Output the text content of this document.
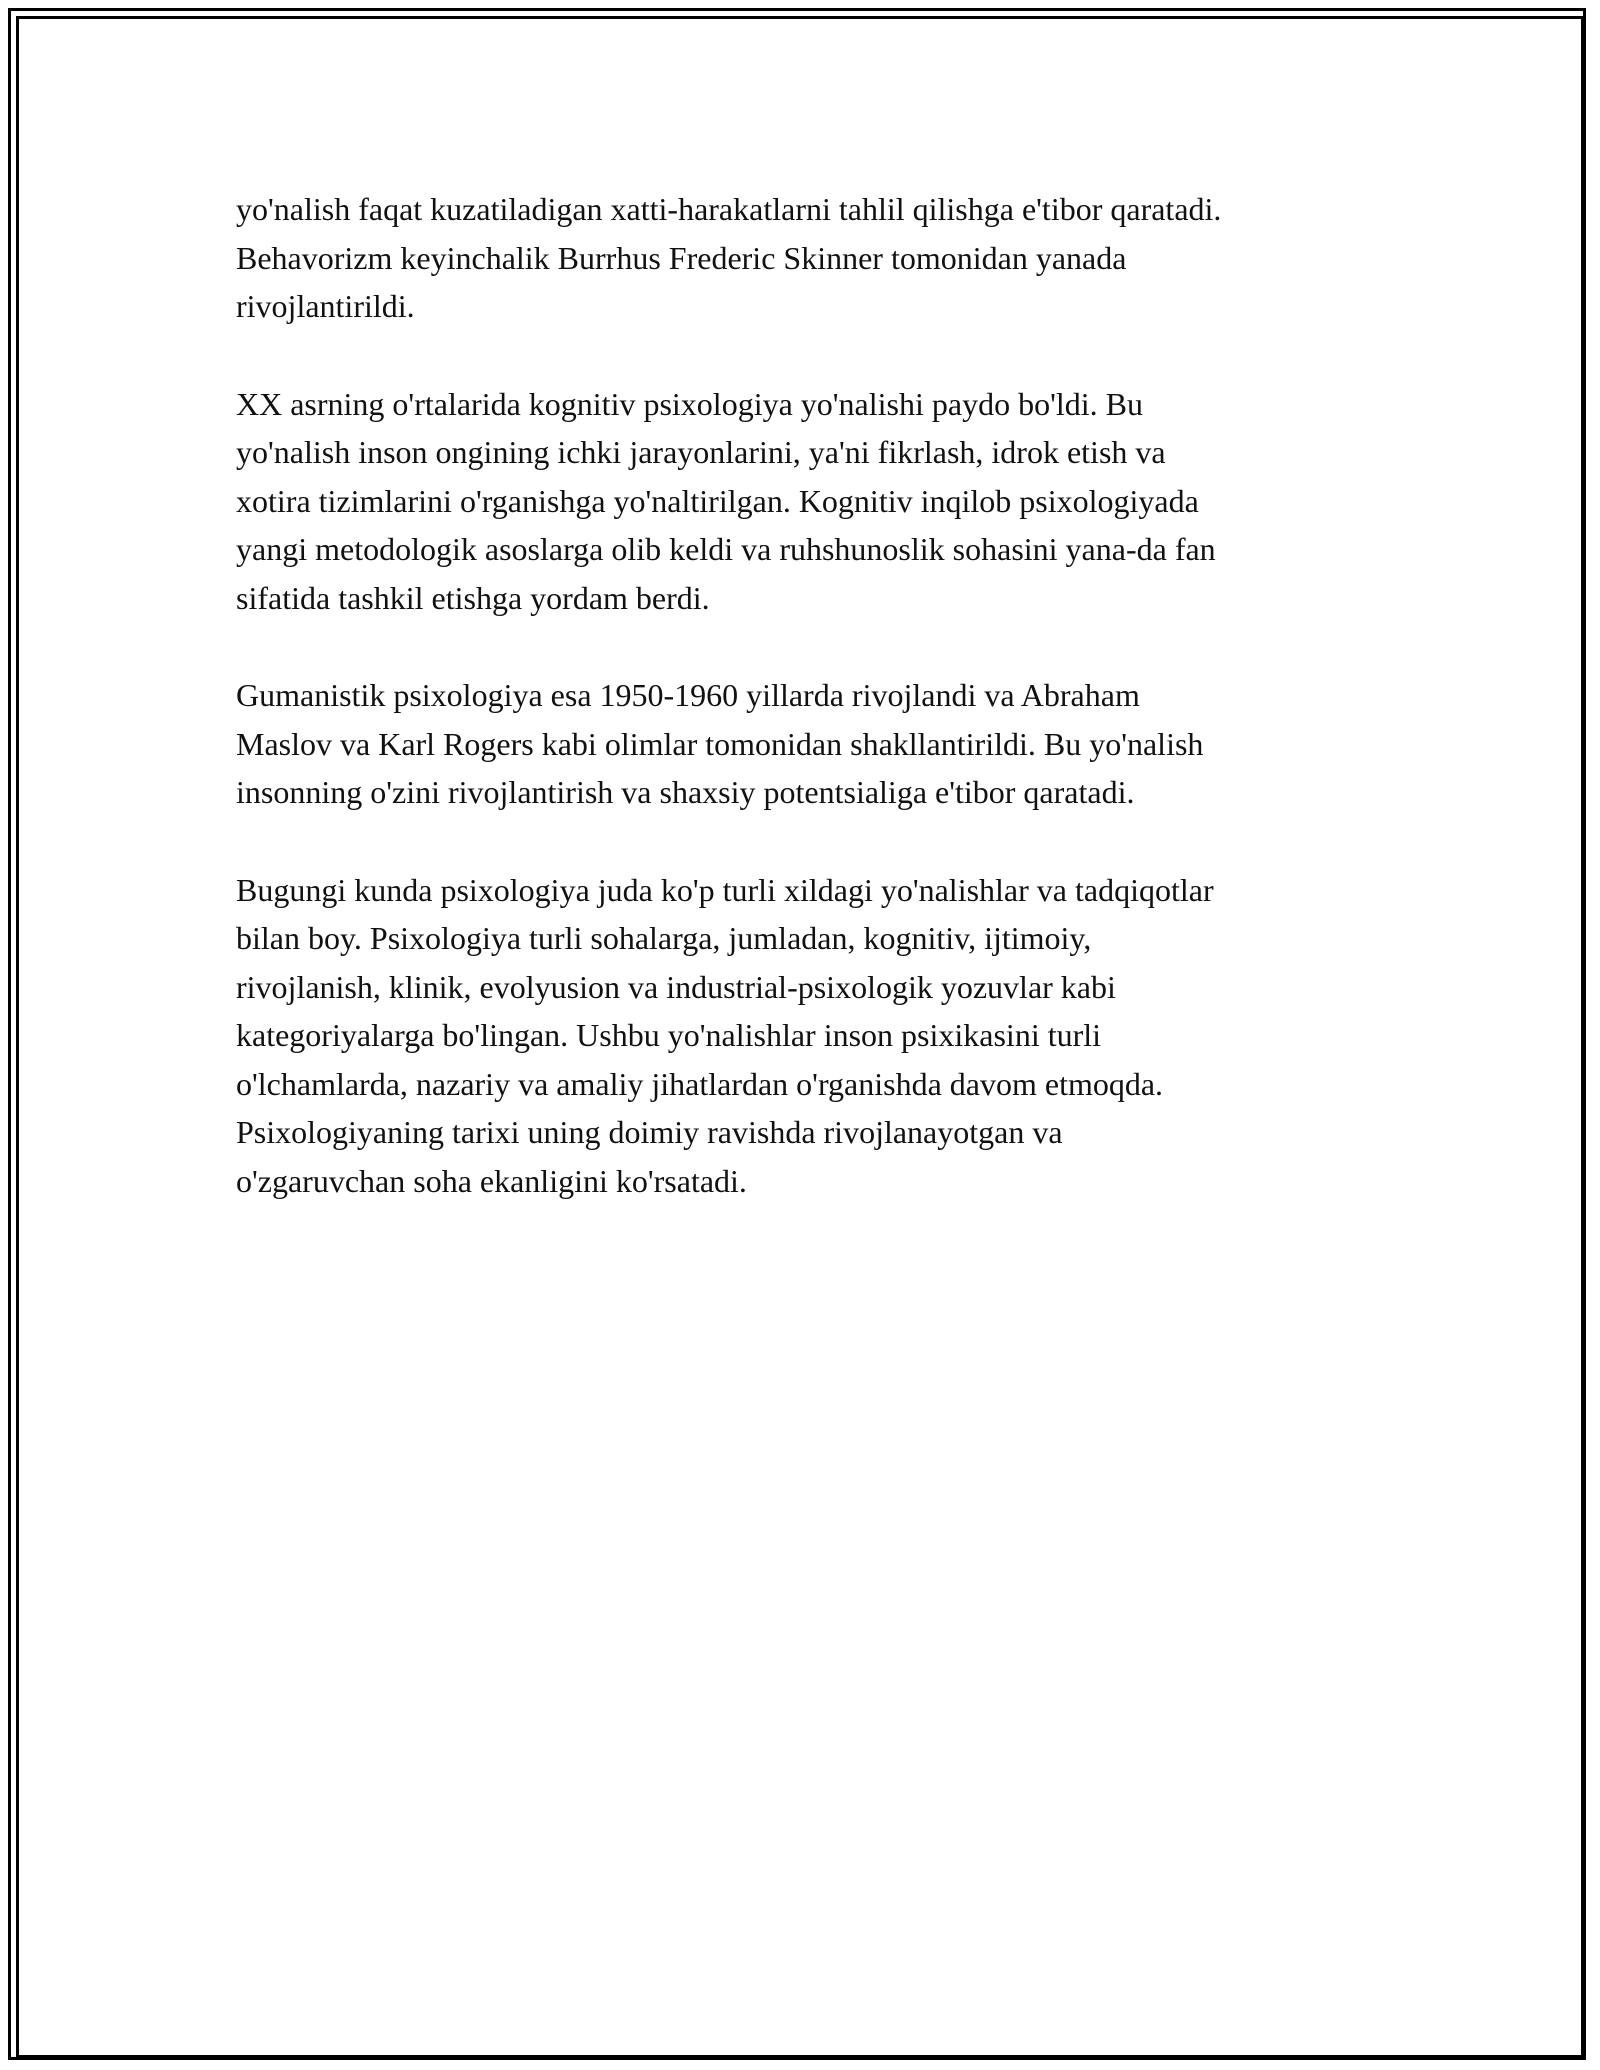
yo'nalish faqat kuzatiladigan xatti-harakatlarni tahlil qilishga e'tibor qaratadi.
Behavorizm keyinchalik Burrhus Frederic Skinner tomonidan yanada
rivojlantirildi.

XX asrning o'rtalarida kognitiv psixologiya yo'nalishi paydo bo'ldi. Bu
yo'nalish inson ongining ichki jarayonlarini, ya'ni fikrlash, idrok etish va
xotira tizimlarini o'rganishga yo'naltirilgan. Kognitiv inqilob psixologiyada
yangi metodologik asoslarga olib keldi va ruhshunoslik sohasini yana-da fan
sifatida tashkil etishga yordam berdi.

Gumanistik psixologiya esa 1950-1960 yillarda rivojlandi va Abraham
Maslov va Karl Rogers kabi olimlar tomonidan shakllantirildi. Bu yo'nalish
insonning o'zini rivojlantirish va shaxsiy potentsialiga e'tibor qaratadi.

Bugungi kunda psixologiya juda ko'p turli xildagi yo'nalishlar va tadqiqotlar
bilan boy. Psixologiya turli sohalarga, jumladan, kognitiv, ijtimoiy,
rivojlanish, klinik, evolyusion va industrial-psixologik yozuvlar kabi
kategoriyalarga bo'lingan. Ushbu yo'nalishlar inson psixikasini turli
o'lchamlarda, nazariy va amaliy jihatlardan o'rganishda davom etmoqda.
Psixologiyaning tarixi uning doimiy ravishda rivojlanayotgan va
o'zgaruvchan soha ekanligini ko'rsatadi.
